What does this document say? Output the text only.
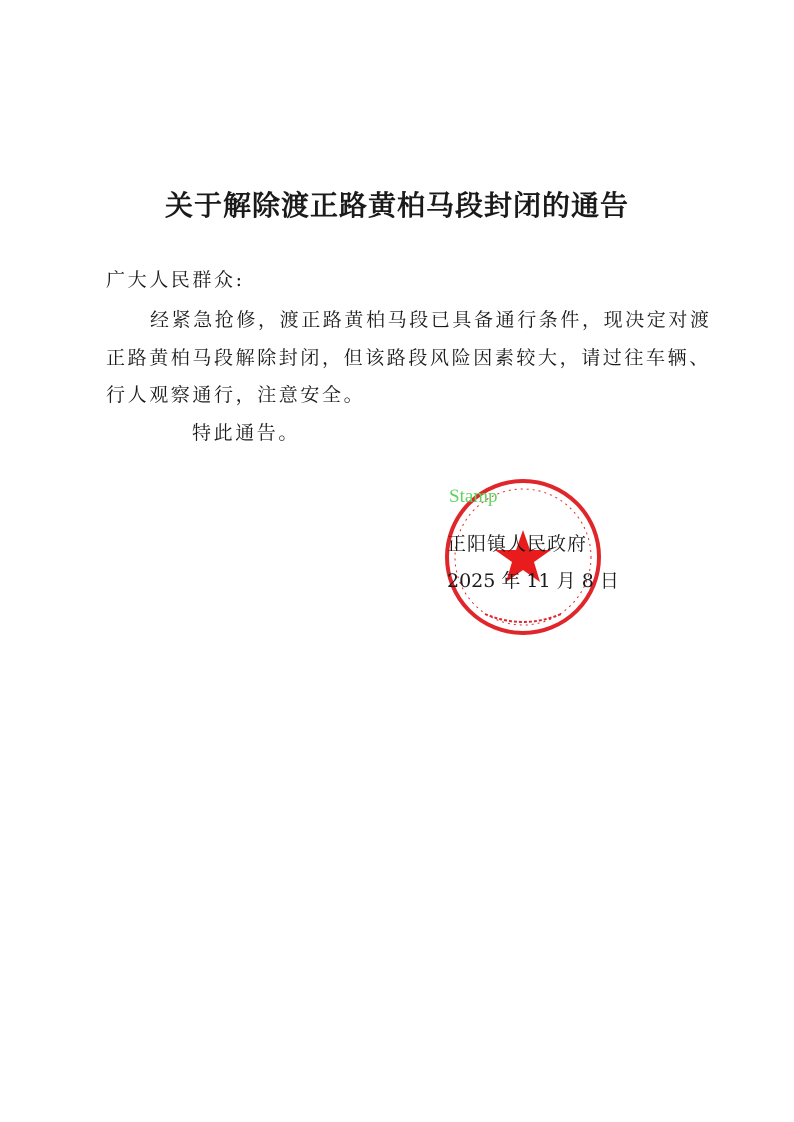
关于解除渡正路黄柏马段封闭的通告
广大人民群众:
经紧急抢修，渡正路黄柏马段已具备通行条件，现决定对渡
正路黄柏马段解除封闭，但该路段风险因素较大，请过往车辆、
行人观察通行，注意安全。
特此通告。
Stamp
正阳镇人民政府
2025 年 11 月 8 日
